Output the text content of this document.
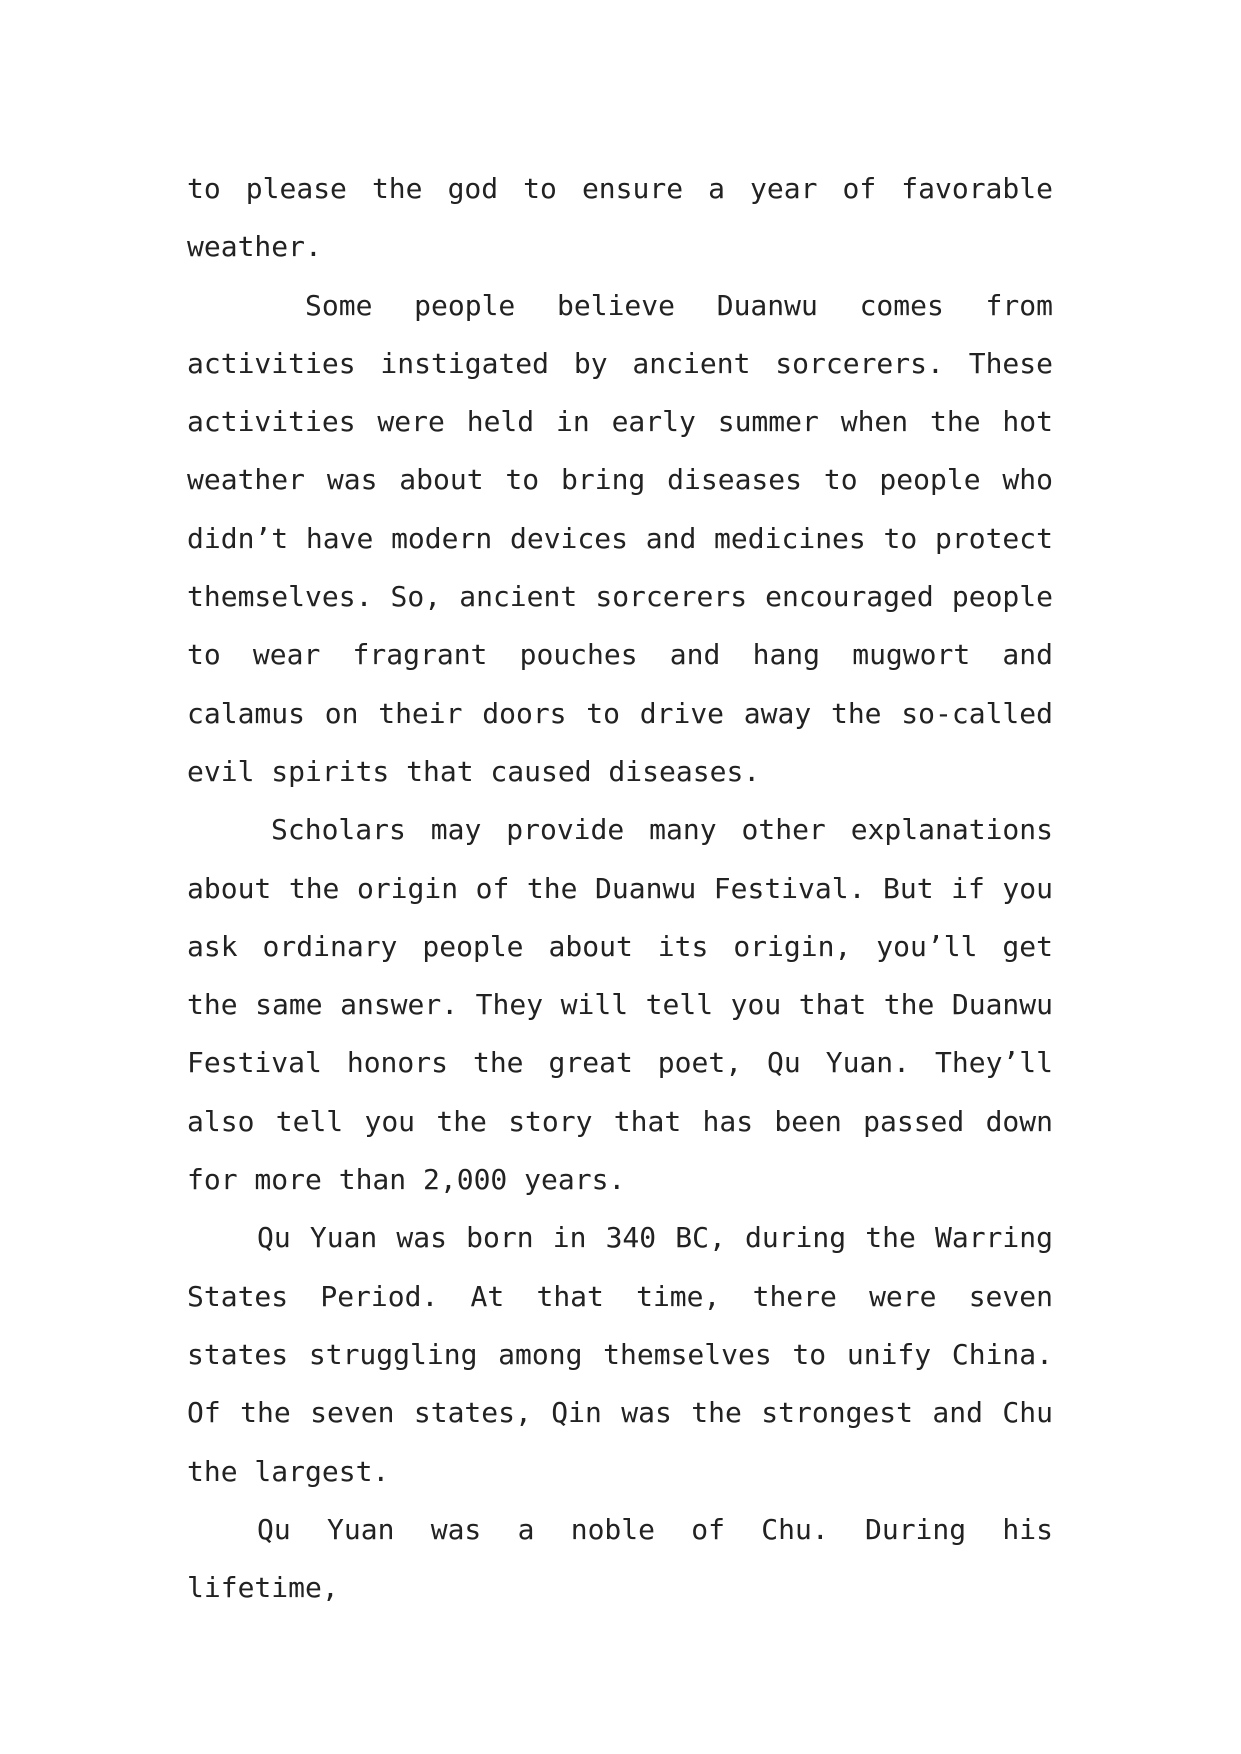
to please the god to ensure a year of favorable weather.

Some people believe Duanwu comes from activities instigated by ancient sorcerers. These activities were held in early summer when the hot weather was about to bring diseases to people who didn’t have modern devices and medicines to protect themselves. So, ancient sorcerers encouraged people to wear fragrant pouches and hang mugwort and calamus on their doors to drive away the so-called evil spirits that caused diseases.

Scholars may provide many other explanations about the origin of the Duanwu Festival. But if you ask ordinary people about its origin, you’ll get the same answer. They will tell you that the Duanwu Festival honors the great poet, Qu Yuan. They’ll also tell you the story that has been passed down for more than 2,000 years.

Qu Yuan was born in 340 BC, during the Warring States Period. At that time, there were seven states struggling among themselves to unify China. Of the seven states, Qin was the strongest and Chu the largest.

Qu Yuan was a noble of Chu. During his lifetime,
